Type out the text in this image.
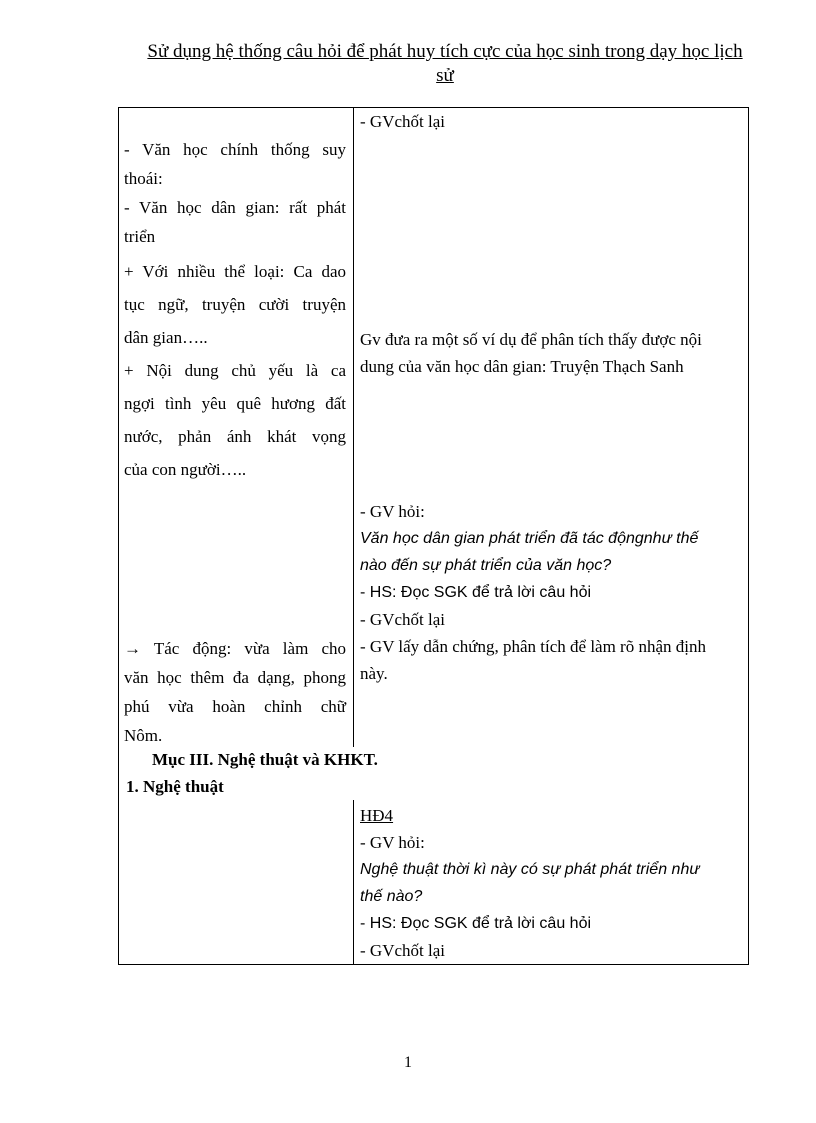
Sử dụng hệ thống câu hỏi để phát huy tích cực của học sinh trong dạy học lịch
sử

- Văn học chính thống suy

thoái:

- Văn học dân gian: rất phát

triển

+ Với nhiều thể loại: Ca dao

tục ngữ, truyện cười truyện

dân gian…..

+ Nội dung chủ yếu là ca

ngợi tình yêu quê hương đất

nước, phản ánh khát vọng

của con người…..

→ Tác động: vừa làm cho

văn học thêm đa dạng, phong

phú vừa hoàn chỉnh chữ

Nôm.

Mục III. Nghệ thuật và KHKT.
1. Nghệ thuật

- GVchốt lại

Gv đưa ra một số ví dụ để phân tích thấy được nội

dung của văn học dân gian: Truyện Thạch Sanh

- GV hỏi:

Văn học dân gian phát triển đã tác độngnhư thế

nào đến sự phát triển của văn học?

- HS: Đọc SGK để trả lời câu hỏi

- GVchốt lại

- GV lấy dẫn chứng, phân tích để làm rõ nhận định

này.

HĐ4

- GV hỏi:

Nghệ thuật thời kì này có sự phát phát triển như

thế nào?

- HS: Đọc SGK để trả lời câu hỏi

- GVchốt lại

1
